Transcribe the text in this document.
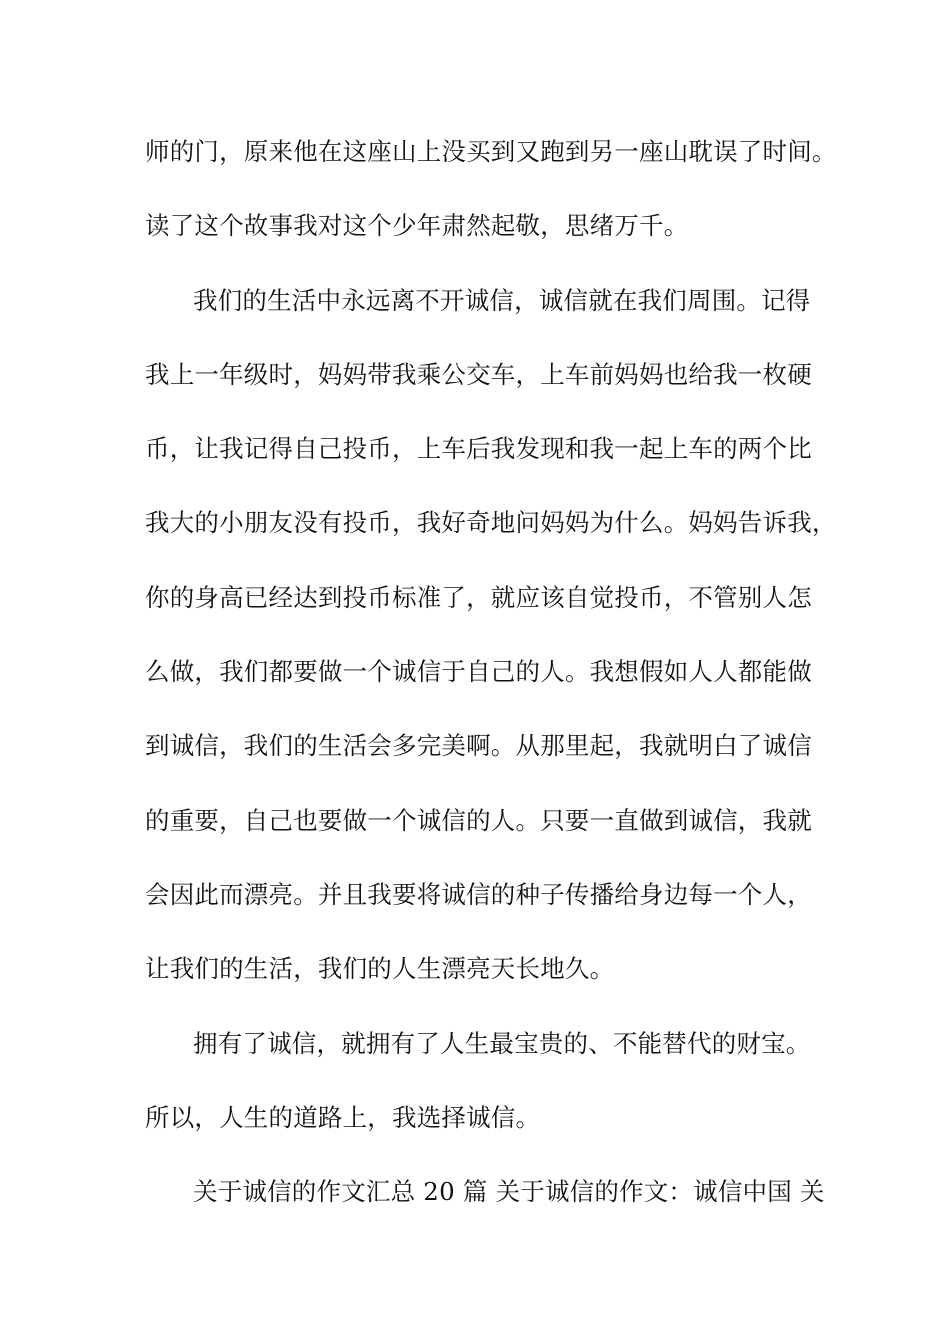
师的门，原来他在这座山上没买到又跑到另一座山耽误了时间。
读了这个故事我对这个少年肃然起敬，思绪万千。
我们的生活中永远离不开诚信，诚信就在我们周围。记得
我上一年级时，妈妈带我乘公交车，上车前妈妈也给我一枚硬
币，让我记得自己投币，上车后我发现和我一起上车的两个比
我大的小朋友没有投币，我好奇地问妈妈为什么。妈妈告诉我，
你的身高已经达到投币标准了，就应该自觉投币，不管别人怎
么做，我们都要做一个诚信于自己的人。我想假如人人都能做
到诚信，我们的生活会多完美啊。从那里起，我就明白了诚信
的重要，自己也要做一个诚信的人。只要一直做到诚信，我就
会因此而漂亮。并且我要将诚信的种子传播给身边每一个人，
让我们的生活，我们的人生漂亮天长地久。
拥有了诚信，就拥有了人生最宝贵的、不能替代的财宝。
所以，人生的道路上，我选择诚信。
关于诚信的作文汇总 20 篇 关于诚信的作文：诚信中国 关
